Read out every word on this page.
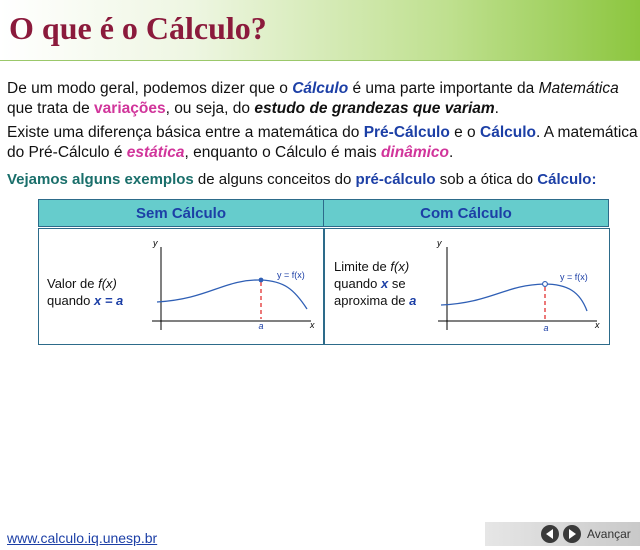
O que é o Cálculo?

De um modo geral, podemos dizer que o Cálculo é uma parte importante da Matemática que trata de variações, ou seja, do estudo de grandezas que variam.

Existe uma diferença básica entre a matemática do Pré-Cálculo e o Cálculo. A matemática do Pré-Cálculo é estática, enquanto o Cálculo é mais dinâmico.

Vejamos alguns exemplos de alguns conceitos do pré-cálculo sob a ótica do Cálculo:

Sem Cálculo	Com Cálculo
Valor de f(x)
quando x = a
y
x
a
y = f(x)
Limite de f(x)
quando x se aproxima de a
y
x
a
y = f(x)
www.calculo.iq.unesp.br	Avançar
